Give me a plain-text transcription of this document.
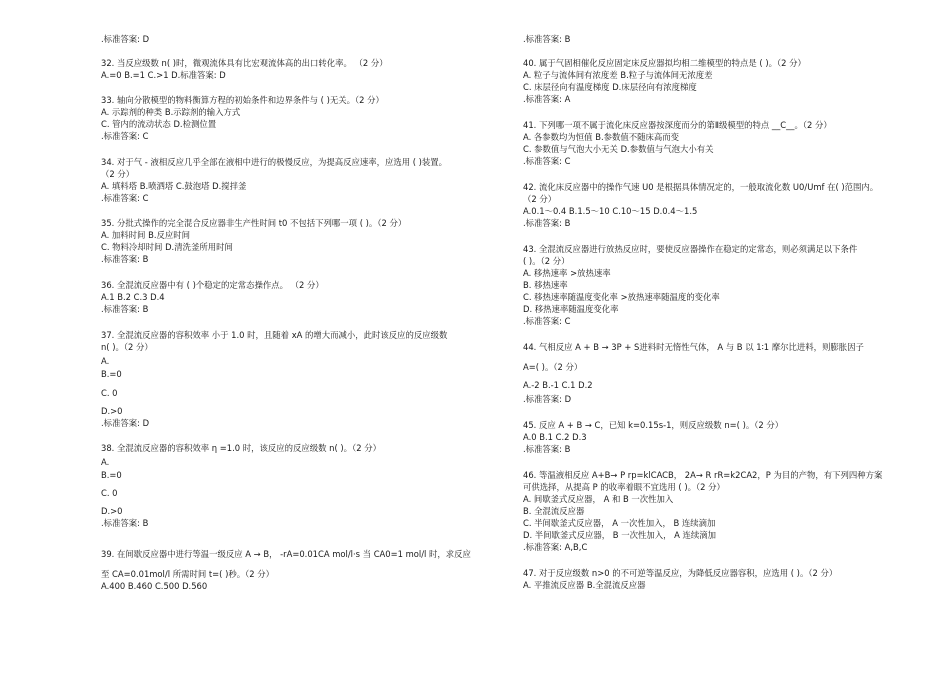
.标准答案: D
32. 当反应级数 n( )时，微观流体具有比宏观流体高的出口转化率。 （2 分）
A.=0 B.=1 C.>1 D.标准答案: D
33. 轴向分散模型的物料衡算方程的初始条件和边界条件与 ( )无关。（2 分）
A. 示踪剂的种类 B.示踪剂的输入方式
C. 管内的流动状态 D.检测位置
.标准答案: C
34. 对于气 - 液相反应几乎全部在液相中进行的极慢反应，为提高反应速率，应选用 ( )装置。
（2 分）
A. 填料塔 B.喷洒塔 C.鼓泡塔 D.搅拌釜
.标准答案: C
35. 分批式操作的完全混合反应器非生产性时间 t0 不包括下列哪一项 ( )。（2 分）
A. 加料时间 B.反应时间
C. 物料冷却时间 D.清洗釜所用时间
.标准答案: B
36. 全混流反应器中有 ( )个稳定的定常态操作点。 （2 分）
A.1 B.2 C.3 D.4
.标准答案: B
37. 全混流反应器的容积效率 小于 1.0 时，且随着 xA 的增大而减小，此时该反应的反应级数
n( )。（2 分）
A.
B.=0
C. 0
D.>0
.标准答案: D
38. 全混流反应器的容积效率 η =1.0 时，该反应的反应级数 n( )。（2 分）
A.
B.=0
C. 0
D.>0
.标准答案: B
39. 在间歇反应器中进行等温一级反应 A → B， -rA=0.01CA mol/l·s 当 CA0=1 mol/l 时，求反应
至 CA=0.01mol/l 所需时间 t=( )秒。（2 分）
A.400 B.460 C.500 D.560
.标准答案: B
40. 属于气固相催化反应固定床反应器拟均相二维模型的特点是 ( )。（2 分）
A. 粒子与流体间有浓度差 B.粒子与流体间无浓度差
C. 床层径向有温度梯度 D.床层径向有浓度梯度
.标准答案: A
41. 下列哪一项不属于流化床反应器按深度而分的第Ⅱ级模型的特点 __C__。（2 分）
A. 各参数均为恒值 B.参数值不随床高而变
C. 参数值与气泡大小无关 D.参数值与气泡大小有关
.标准答案: C
42. 流化床反应器中的操作气速 U0 是根据具体情况定的，一般取流化数 U0/Umf 在( )范围内。
（2 分）
A.0.1～0.4 B.1.5～10 C.10～15 D.0.4～1.5
.标准答案: B
43. 全混流反应器进行放热反应时，要使反应器操作在稳定的定常态，则必须满足以下条件
( )。（2 分）
A. 移热速率 >放热速率
B. 移热速率
C. 移热速率随温度变化率 >放热速率随温度的变化率
D. 移热速率随温度变化率
.标准答案: C
44. 气相反应 A + B → 3P + S进料时无惰性气体， A 与 B 以 1∶1 摩尔比进料，则膨胀因子
A=( )。（2 分）
A.-2 B.-1 C.1 D.2
.标准答案: D
45. 反应 A + B → C，已知 k=0.15s-1，则反应级数 n=( )。（2 分）
A.0 B.1 C.2 D.3
.标准答案: B
46. 等温液相反应 A+B→ P rp=klCACB， 2A→ R rR=k2CA2，P 为目的产物，有下列四种方案
可供选择，从提高 P 的收率着眼不宜选用 ( )。（2 分）
A. 间歇釜式反应器， A 和 B 一次性加入
B. 全混流反应器
C. 半间歇釜式反应器， A 一次性加入， B 连续滴加
D. 半间歇釜式反应器， B 一次性加入， A 连续滴加
.标准答案: A,B,C
47. 对于反应级数 n>0 的不可逆等温反应，为降低反应器容积，应选用 ( )。（2 分）
A. 平推流反应器 B.全混流反应器
